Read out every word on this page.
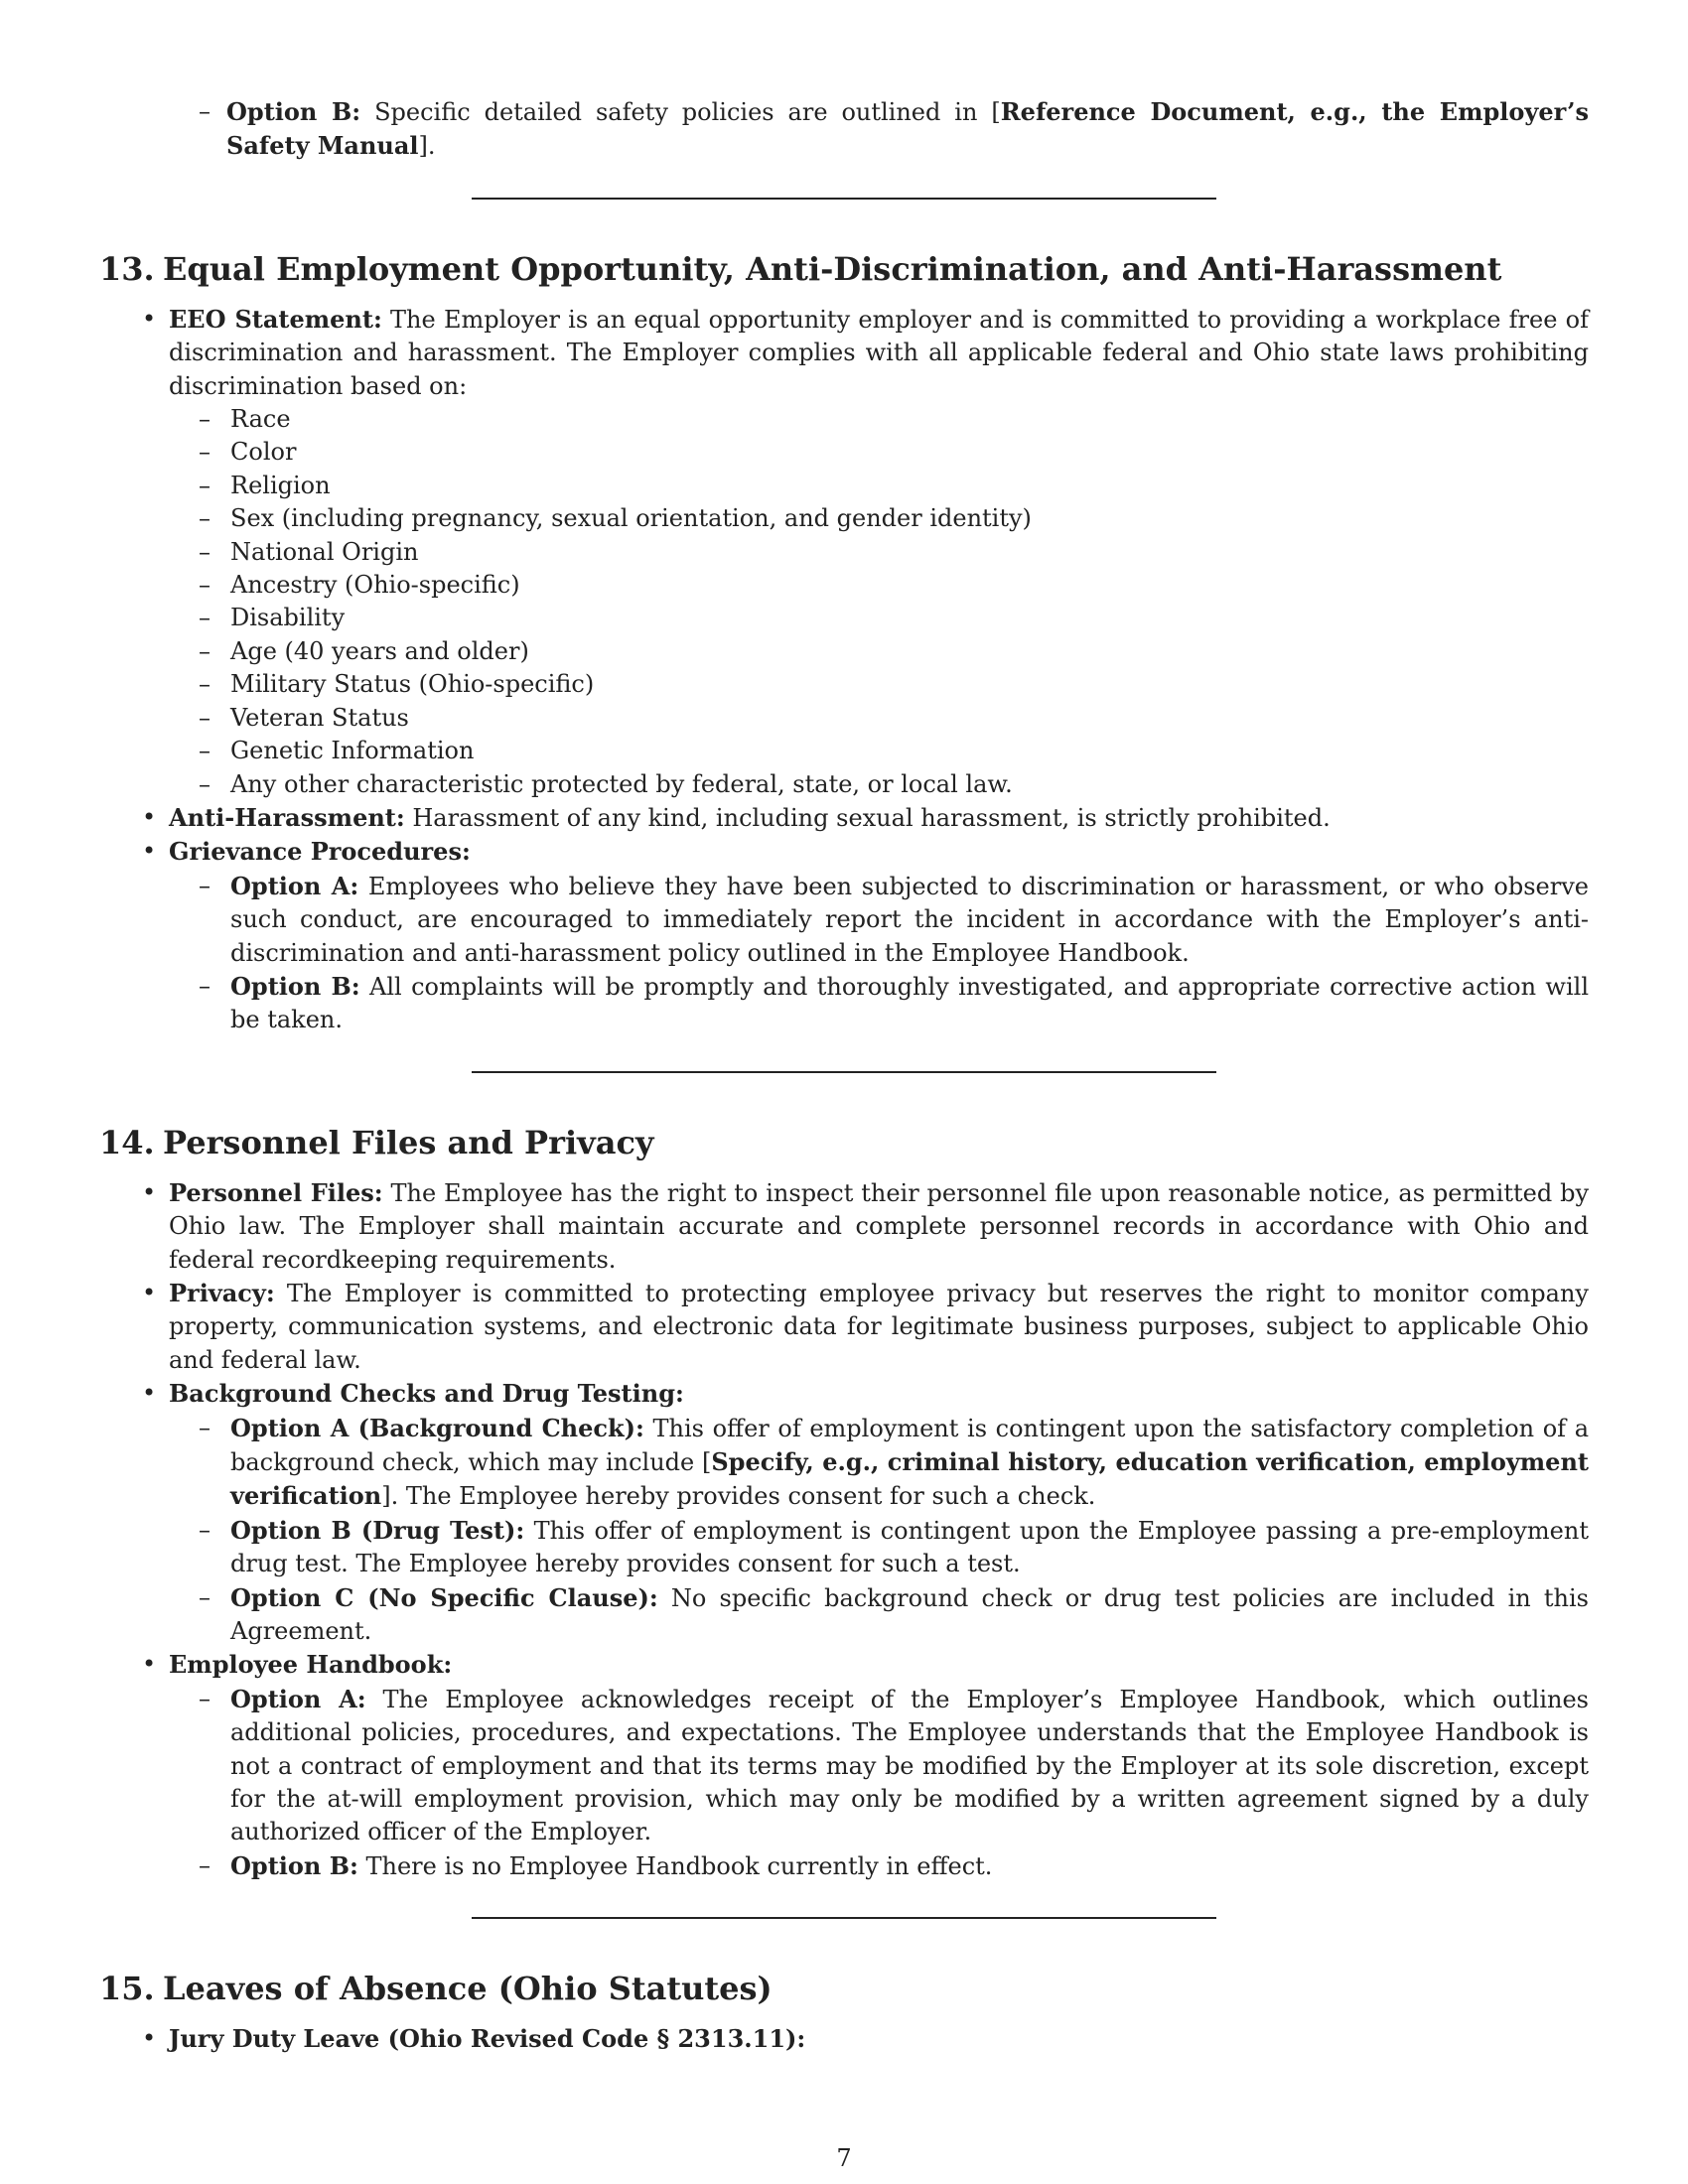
– Option B: Specific detailed safety policies are outlined in [Reference Document, e.g., the Employer’s Safety Manual].
13. Equal Employment Opportunity, Anti-Discrimination, and Anti-Harassment
• EEO Statement: The Employer is an equal opportunity employer and is committed to providing a workplace free of discrimination and harassment. The Employer complies with all applicable federal and Ohio state laws prohibiting discrimination based on:
– Race
– Color
– Religion
– Sex (including pregnancy, sexual orientation, and gender identity)
– National Origin
– Ancestry (Ohio-specific)
– Disability
– Age (40 years and older)
– Military Status (Ohio-specific)
– Veteran Status
– Genetic Information
– Any other characteristic protected by federal, state, or local law.
• Anti-Harassment: Harassment of any kind, including sexual harassment, is strictly prohibited.
• Grievance Procedures:
– Option A: Employees who believe they have been subjected to discrimination or harassment, or who observe such conduct, are encouraged to immediately report the incident in accordance with the Employer’s anti-discrimination and anti-harassment policy outlined in the Employee Handbook.
– Option B: All complaints will be promptly and thoroughly investigated, and appropriate corrective action will be taken.
14. Personnel Files and Privacy
• Personnel Files: The Employee has the right to inspect their personnel file upon reasonable notice, as permitted by Ohio law. The Employer shall maintain accurate and complete personnel records in accordance with Ohio and federal recordkeeping requirements.
• Privacy: The Employer is committed to protecting employee privacy but reserves the right to monitor company property, communication systems, and electronic data for legitimate business purposes, subject to applicable Ohio and federal law.
• Background Checks and Drug Testing:
– Option A (Background Check): This offer of employment is contingent upon the satisfactory completion of a background check, which may include [Specify, e.g., criminal history, education verification, employment verification]. The Employee hereby provides consent for such a check.
– Option B (Drug Test): This offer of employment is contingent upon the Employee passing a pre-employment drug test. The Employee hereby provides consent for such a test.
– Option C (No Specific Clause): No specific background check or drug test policies are included in this Agreement.
• Employee Handbook:
– Option A: The Employee acknowledges receipt of the Employer’s Employee Handbook, which outlines additional policies, procedures, and expectations. The Employee understands that the Employee Handbook is not a contract of employment and that its terms may be modified by the Employer at its sole discretion, except for the at-will employment provision, which may only be modified by a written agreement signed by a duly authorized officer of the Employer.
– Option B: There is no Employee Handbook currently in effect.
15. Leaves of Absence (Ohio Statutes)
• Jury Duty Leave (Ohio Revised Code § 2313.11):
7
